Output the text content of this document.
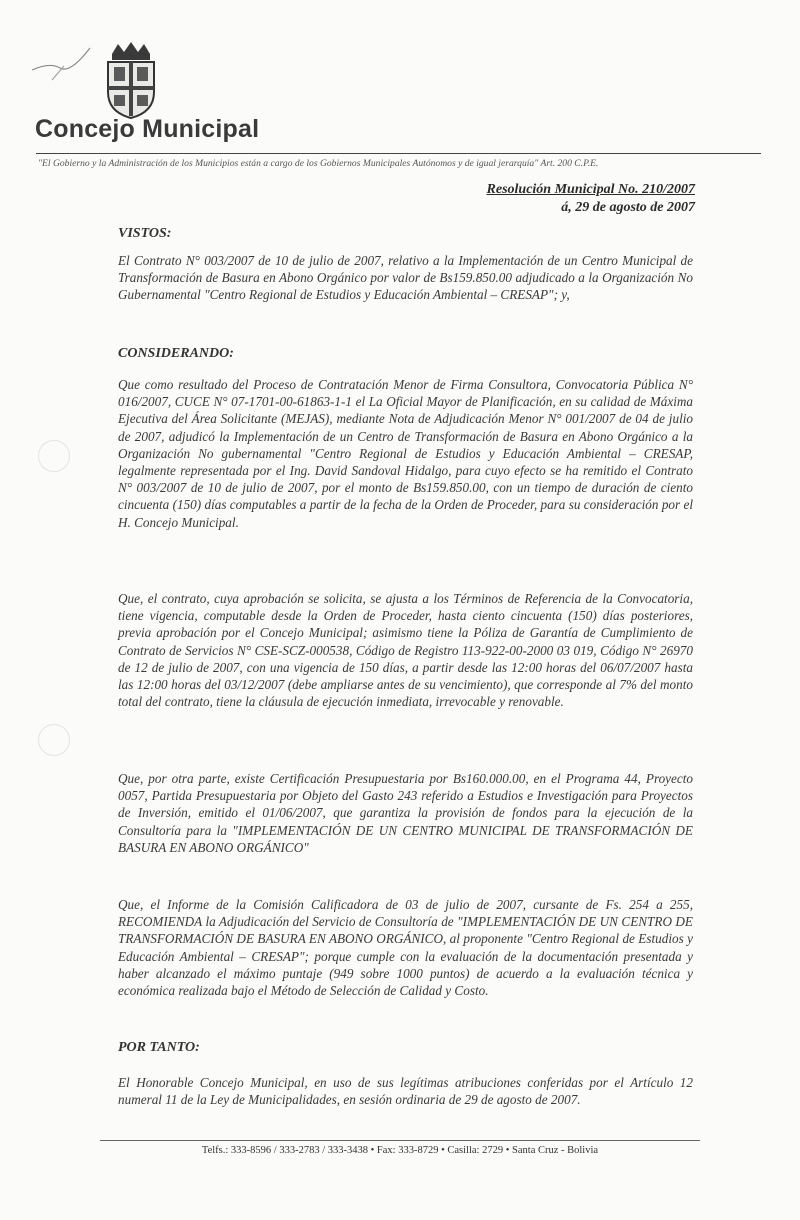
Concejo Municipal
"El Gobierno y la Administración de los Municipios están a cargo de los Gobiernos Municipales Autónomos y de igual jerarquía" Art. 200 C.P.E.
Resolución Municipal No. 210/2007
á, 29 de agosto de 2007
VISTOS:
El Contrato N° 003/2007 de 10 de julio de 2007, relativo a la Implementación de un Centro Municipal de Transformación de Basura en Abono Orgánico por valor de Bs159.850.00 adjudicado a la Organización No Gubernamental "Centro Regional de Estudios y Educación Ambiental – CRESAP"; y,
CONSIDERANDO:
Que como resultado del Proceso de Contratación Menor de Firma Consultora, Convocatoria Pública N° 016/2007, CUCE N° 07-1701-00-61863-1-1 el La Oficial Mayor de Planificación, en su calidad de Máxima Ejecutiva del Área Solicitante (MEJAS), mediante Nota de Adjudicación Menor N° 001/2007 de 04 de julio de 2007, adjudicó la Implementación de un Centro de Transformación de Basura en Abono Orgánico a la Organización No gubernamental "Centro Regional de Estudios y Educación Ambiental – CRESAP, legalmente representada por el Ing. David Sandoval Hidalgo, para cuyo efecto se ha remitido el Contrato N° 003/2007 de 10 de julio de 2007, por el monto de Bs159.850.00, con un tiempo de duración de ciento cincuenta (150) días computables a partir de la fecha de la Orden de Proceder, para su consideración por el H. Concejo Municipal.
Que, el contrato, cuya aprobación se solicita, se ajusta a los Términos de Referencia de la Convocatoria, tiene vigencia, computable desde la Orden de Proceder, hasta ciento cincuenta (150) días posteriores, previa aprobación por el Concejo Municipal; asimismo tiene la Póliza de Garantía de Cumplimiento de Contrato de Servicios N° CSE-SCZ-000538, Código de Registro 113-922-00-2000 03 019, Código N° 26970 de 12 de julio de 2007, con una vigencia de 150 días, a partir desde las 12:00 horas del 06/07/2007 hasta las 12:00 horas del 03/12/2007 (debe ampliarse antes de su vencimiento), que corresponde al 7% del monto total del contrato, tiene la cláusula de ejecución inmediata, irrevocable y renovable.
Que, por otra parte, existe Certificación Presupuestaria por Bs160.000.00, en el Programa 44, Proyecto 0057, Partida Presupuestaria por Objeto del Gasto 243 referido a Estudios e Investigación para Proyectos de Inversión, emitido el 01/06/2007, que garantiza la provisión de fondos para la ejecución de la Consultoría para la "IMPLEMENTACIÓN DE UN CENTRO MUNICIPAL DE TRANSFORMACIÓN DE BASURA EN ABONO ORGÁNICO"
Que, el Informe de la Comisión Calificadora de 03 de julio de 2007, cursante de Fs. 254 a 255, RECOMIENDA la Adjudicación del Servicio de Consultoría de "IMPLEMENTACIÓN DE UN CENTRO DE TRANSFORMACIÓN DE BASURA EN ABONO ORGÁNICO, al proponente "Centro Regional de Estudios y Educación Ambiental – CRESAP"; porque cumple con la evaluación de la documentación presentada y haber alcanzado el máximo puntaje (949 sobre 1000 puntos) de acuerdo a la evaluación técnica y económica realizada bajo el Método de Selección de Calidad y Costo.
POR TANTO:
El Honorable Concejo Municipal, en uso de sus legítimas atribuciones conferidas por el Artículo 12 numeral 11 de la Ley de Municipalidades, en sesión ordinaria de 29 de agosto de 2007.
Telfs.: 333-8596 / 333-2783 / 333-3438 • Fax: 333-8729 • Casilla: 2729 • Santa Cruz - Bolivia
